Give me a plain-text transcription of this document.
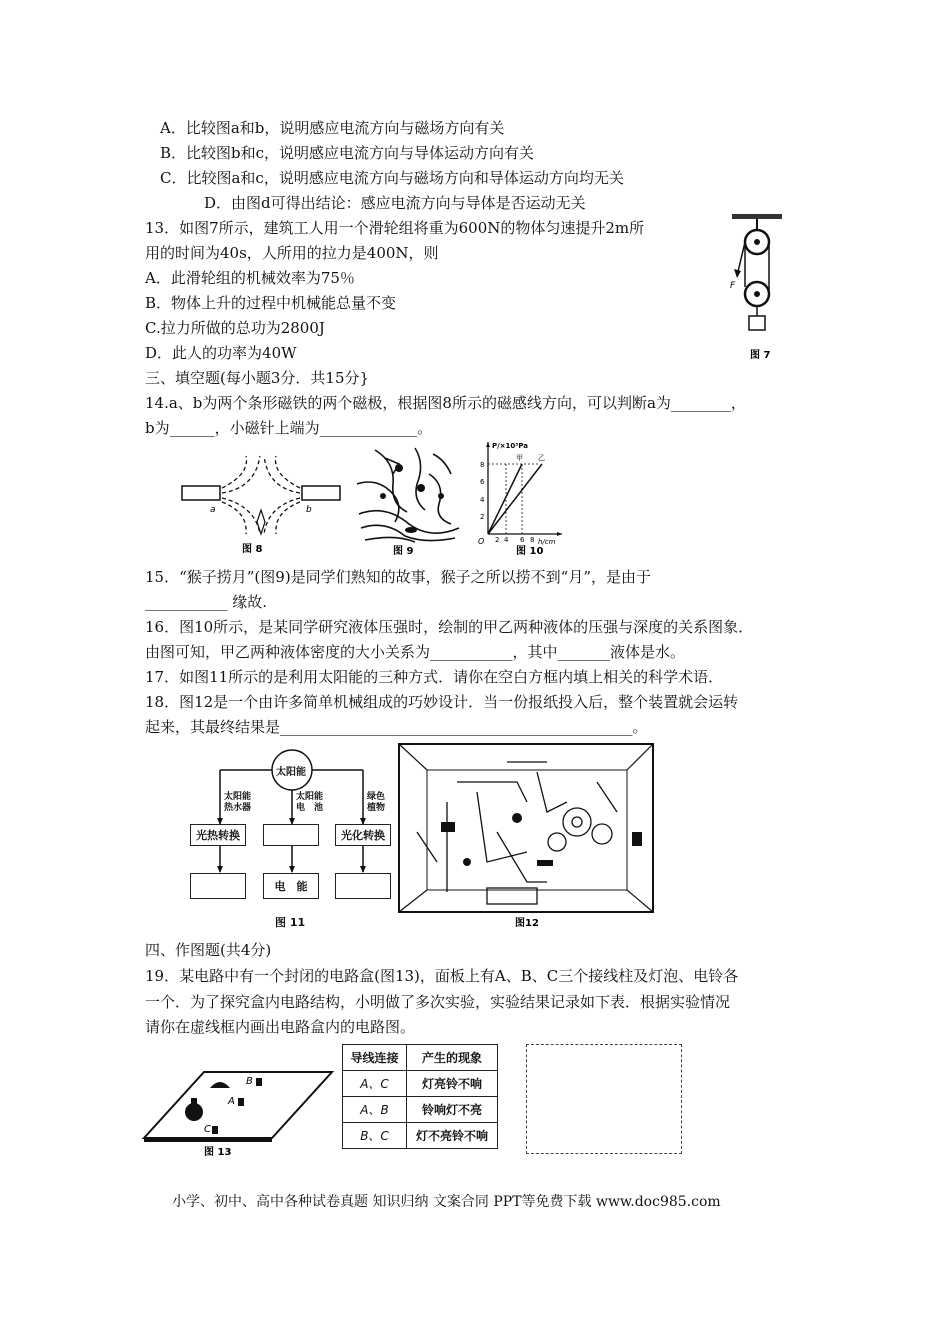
A．比较图a和b，说明感应电流方向与磁场方向有关
B．比较图b和c，说明感应电流方向与导体运动方向有关
C．比较图a和c，说明感应电流方向与磁场方向和导体运动方向均无关
D．由图d可得出结论：感应电流方向与导体是否运动无关
13．如图7所示，建筑工人用一个滑轮组将重为600N的物体匀速提升2m所
用的时间为40s，人所用的拉力是400N，则
A．此滑轮组的机械效率为75％
B．物体上升的过程中机械能总量不变
C.拉力所做的总功为2800J
D．此人的功率为40W
F
图 7
三、填空题(每小题3分．共15分}
14.a、b为两个条形磁铁的两个磁极，根据图8所示的磁感线方向，可以判断a为________，
b为______，小磁针上端为_____________。
a	b
图 8	图 9
P/×10³Pa
h/cm
O
2
4
6
8
2 4 6 8
甲 乙
图 10
15．“猴子捞月”(图9)是同学们熟知的故事，猴子之所以捞不到“月”，是由于
___________ 缘故.
16．图10所示，是某同学研究液体压强时，绘制的甲乙两种液体的压强与深度的关系图象．
由图可知，甲乙两种液体密度的大小关系为___________，其中_______液体是水。
17．如图11所示的是利用太阳能的三种方式．请你在空白方框内填上相关的科学术语．
18．图12是一个由许多简单机械组成的巧妙设计．当一份报纸投入后，整个装置就会运转
起来，其最终结果是_______________________________________________。
太阳能
太阳能
热水器
太阳能
电　池
绿色
植物
光热转换	光化转换
电　能
图 11	图12
四、作图题(共4分)
19．某电路中有一个封闭的电路盒(图13)，面板上有A、B、C三个接线柱及灯泡、电铃各
一个．为了探究盒内电路结构，小明做了多次实验，实验结果记录如下表．根据实验情况
请你在虚线框内画出电路盒内的电路图。
B
A
C
图 13
导线连接	产生的现象
A、C	灯亮铃不响
A、B	铃响灯不亮
B、C	灯不亮铃不响
小学、初中、高中各种试卷真题 知识归纳 文案合同 PPT等免费下载 www.doc985.com
